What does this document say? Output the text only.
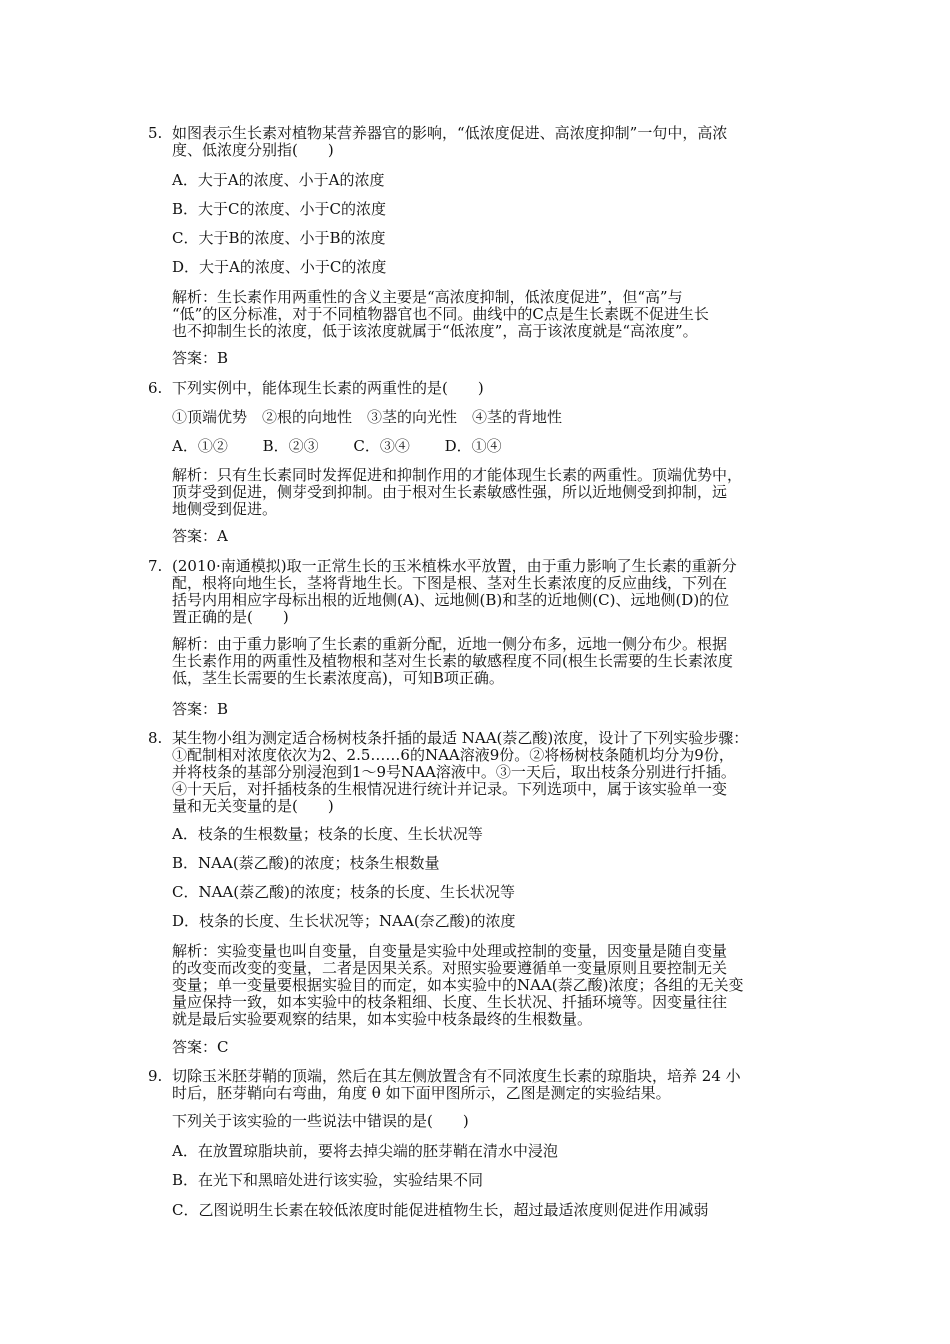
5. 如图表示生长素对植物某营养器官的影响，“低浓度促进、高浓度抑制”一句中，高浓
度、低浓度分别指(　　)
A．大于A的浓度、小于A的浓度
B．大于C的浓度、小于C的浓度
C．大于B的浓度、小于B的浓度
D．大于A的浓度、小于C的浓度
解析：生长素作用两重性的含义主要是“高浓度抑制，低浓度促进”，但“高”与
“低”的区分标准，对于不同植物器官也不同。曲线中的C点是生长素既不促进生长
也不抑制生长的浓度，低于该浓度就属于“低浓度”，高于该浓度就是“高浓度”。
答案：B
6. 下列实例中，能体现生长素的两重性的是(　　)
①顶端优势　②根的向地性　③茎的向光性　④茎的背地性
A．①②　　 B．②③　　 C．③④　　 D．①④
解析：只有生长素同时发挥促进和抑制作用的才能体现生长素的两重性。顶端优势中，
顶芽受到促进，侧芽受到抑制。由于根对生长素敏感性强，所以近地侧受到抑制，远
地侧受到促进。
答案：A
7. (2010·南通模拟)取一正常生长的玉米植株水平放置，由于重力影响了生长素的重新分
配，根将向地生长，茎将背地生长。下图是根、茎对生长素浓度的反应曲线，下列在
括号内用相应字母标出根的近地侧(A)、远地侧(B)和茎的近地侧(C)、远地侧(D)的位
置正确的是(　　)
解析：由于重力影响了生长素的重新分配，近地一侧分布多，远地一侧分布少。根据
生长素作用的两重性及植物根和茎对生长素的敏感程度不同(根生长需要的生长素浓度
低，茎生长需要的生长素浓度高)，可知B项正确。
答案：B
8. 某生物小组为测定适合杨树枝条扦插的最适 NAA(萘乙酸)浓度，设计了下列实验步骤：
①配制相对浓度依次为2、2.5……6的NAA溶液9份。②将杨树枝条随机均分为9份，
并将枝条的基部分别浸泡到1～9号NAA溶液中。③一天后，取出枝条分别进行扦插。
④十天后，对扦插枝条的生根情况进行统计并记录。下列选项中，属于该实验单一变
量和无关变量的是(　　)
A．枝条的生根数量；枝条的长度、生长状况等
B．NAA(萘乙酸)的浓度；枝条生根数量
C．NAA(萘乙酸)的浓度；枝条的长度、生长状况等
D．枝条的长度、生长状况等；NAA(奈乙酸)的浓度
解析：实验变量也叫自变量，自变量是实验中处理或控制的变量，因变量是随自变量
的改变而改变的变量，二者是因果关系。对照实验要遵循单一变量原则且要控制无关
变量；单一变量要根据实验目的而定，如本实验中的NAA(萘乙酸)浓度；各组的无关变
量应保持一致，如本实验中的枝条粗细、长度、生长状况、扦插环境等。因变量往往
就是最后实验要观察的结果，如本实验中枝条最终的生根数量。
答案：C
9. 切除玉米胚芽鞘的顶端，然后在其左侧放置含有不同浓度生长素的琼脂块，培养 24 小
时后，胚芽鞘向右弯曲，角度 θ 如下面甲图所示，乙图是测定的实验结果。
下列关于该实验的一些说法中错误的是(　　)
A．在放置琼脂块前，要将去掉尖端的胚芽鞘在清水中浸泡
B．在光下和黑暗处进行该实验，实验结果不同
C．乙图说明生长素在较低浓度时能促进植物生长，超过最适浓度则促进作用减弱
